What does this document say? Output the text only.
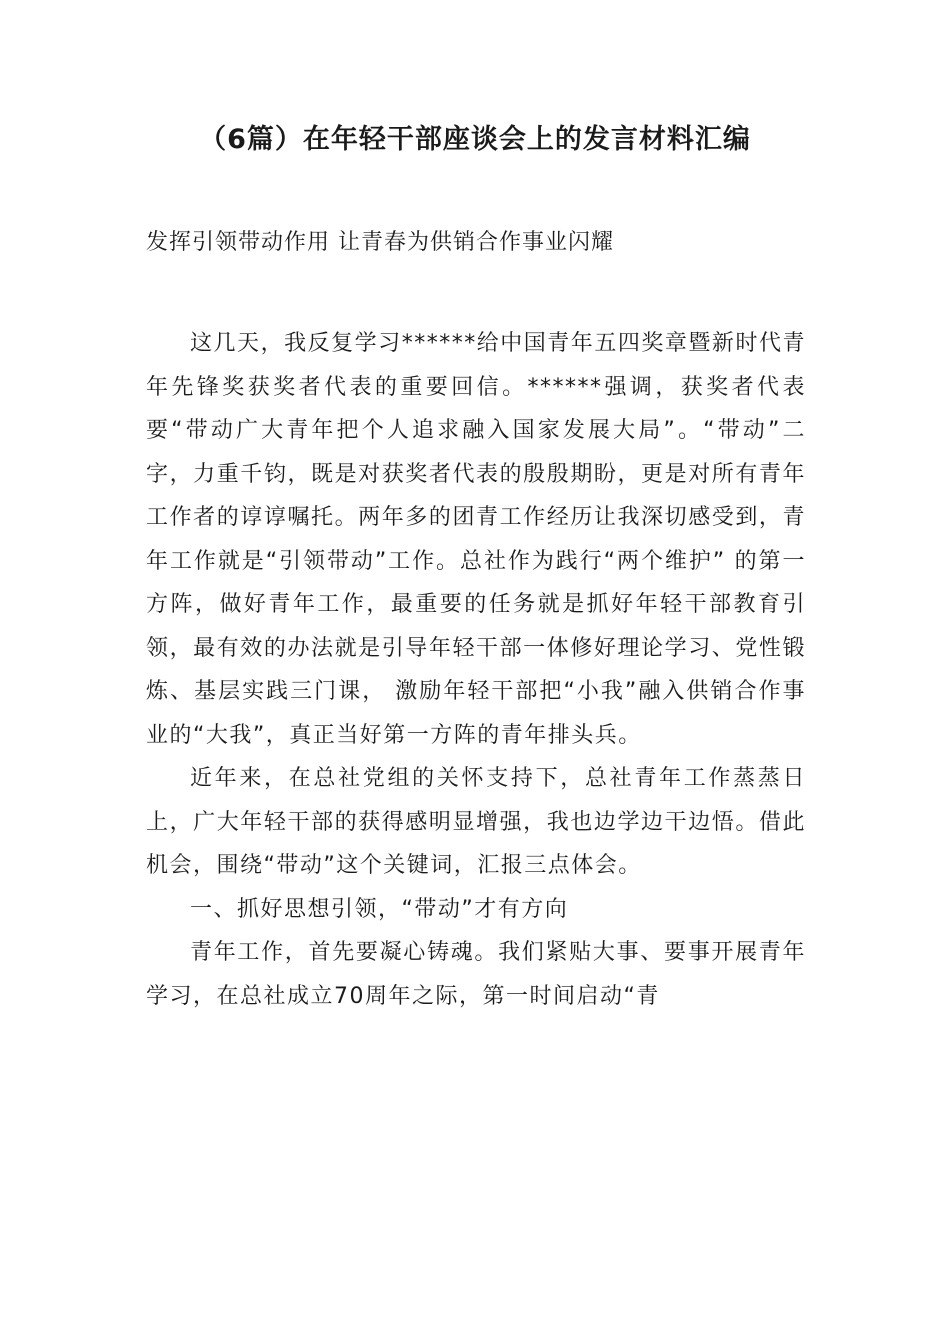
（6篇）在年轻干部座谈会上的发言材料汇编

发挥引领带动作用 让青春为供销合作事业闪耀

这几天，我反复学习******给中国青年五四奖章暨新时代青年先锋奖获奖者代表的重要回信。******强调，获奖者代表要“带动广大青年把个人追求融入国家发展大局”。“带动”二字，力重千钧，既是对获奖者代表的殷殷期盼，更是对所有青年工作者的谆谆嘱托。两年多的团青工作经历让我深切感受到，青年工作就是“引领带动”工作。总社作为践行“两个维护” 的第一方阵，做好青年工作，最重要的任务就是抓好年轻干部教育引领，最有效的办法就是引导年轻干部一体修好理论学习、党性锻炼、基层实践三门课， 激励年轻干部把“小我”融入供销合作事业的“大我”，真正当好第一方阵的青年排头兵。

近年来，在总社党组的关怀支持下，总社青年工作蒸蒸日上，广大年轻干部的获得感明显增强，我也边学边干边悟。借此机会，围绕“带动”这个关键词，汇报三点体会。

一、抓好思想引领，“带动”才有方向

青年工作，首先要凝心铸魂。我们紧贴大事、要事开展青年学习，在总社成立70周年之际，第一时间启动“青
